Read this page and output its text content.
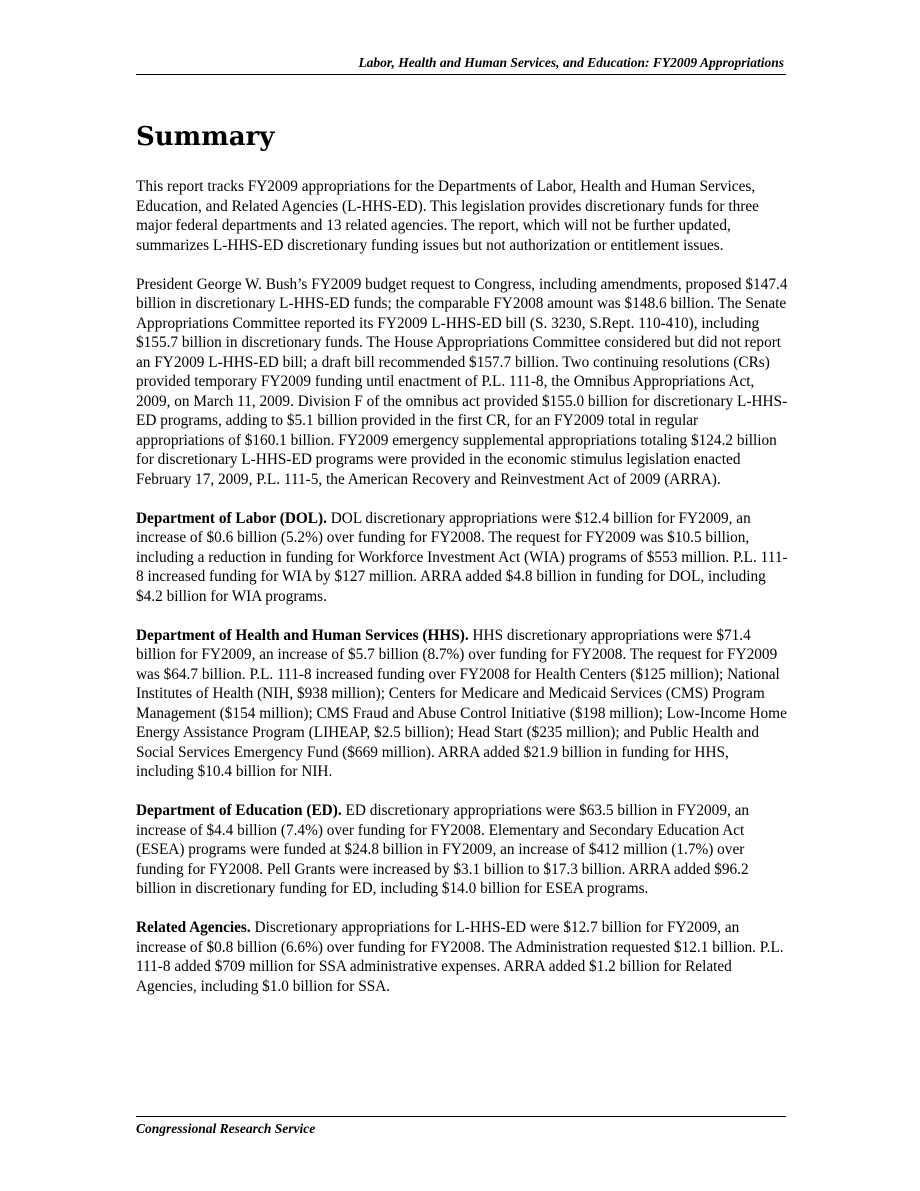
Labor, Health and Human Services, and Education: FY2009 Appropriations
Summary

This report tracks FY2009 appropriations for the Departments of Labor, Health and Human Services, Education, and Related Agencies (L-HHS-ED). This legislation provides discretionary funds for three major federal departments and 13 related agencies. The report, which will not be further updated, summarizes L-HHS-ED discretionary funding issues but not authorization or entitlement issues.

President George W. Bush’s FY2009 budget request to Congress, including amendments, proposed $147.4 billion in discretionary L-HHS-ED funds; the comparable FY2008 amount was $148.6 billion. The Senate Appropriations Committee reported its FY2009 L-HHS-ED bill (S. 3230, S.Rept. 110-410), including $155.7 billion in discretionary funds. The House Appropriations Committee considered but did not report an FY2009 L-HHS-ED bill; a draft bill recommended $157.7 billion. Two continuing resolutions (CRs) provided temporary FY2009 funding until enactment of P.L. 111-8, the Omnibus Appropriations Act, 2009, on March 11, 2009. Division F of the omnibus act provided $155.0 billion for discretionary L-HHS-ED programs, adding to $5.1 billion provided in the first CR, for an FY2009 total in regular appropriations of $160.1 billion. FY2009 emergency supplemental appropriations totaling $124.2 billion for discretionary L-HHS-ED programs were provided in the economic stimulus legislation enacted February 17, 2009, P.L. 111-5, the American Recovery and Reinvestment Act of 2009 (ARRA).

Department of Labor (DOL). DOL discretionary appropriations were $12.4 billion for FY2009, an increase of $0.6 billion (5.2%) over funding for FY2008. The request for FY2009 was $10.5 billion, including a reduction in funding for Workforce Investment Act (WIA) programs of $553 million. P.L. 111-8 increased funding for WIA by $127 million. ARRA added $4.8 billion in funding for DOL, including $4.2 billion for WIA programs.

Department of Health and Human Services (HHS). HHS discretionary appropriations were $71.4 billion for FY2009, an increase of $5.7 billion (8.7%) over funding for FY2008. The request for FY2009 was $64.7 billion. P.L. 111-8 increased funding over FY2008 for Health Centers ($125 million); National Institutes of Health (NIH, $938 million); Centers for Medicare and Medicaid Services (CMS) Program Management ($154 million); CMS Fraud and Abuse Control Initiative ($198 million); Low-Income Home Energy Assistance Program (LIHEAP, $2.5 billion); Head Start ($235 million); and Public Health and Social Services Emergency Fund ($669 million). ARRA added $21.9 billion in funding for HHS, including $10.4 billion for NIH.

Department of Education (ED). ED discretionary appropriations were $63.5 billion in FY2009, an increase of $4.4 billion (7.4%) over funding for FY2008. Elementary and Secondary Education Act (ESEA) programs were funded at $24.8 billion in FY2009, an increase of $412 million (1.7%) over funding for FY2008. Pell Grants were increased by $3.1 billion to $17.3 billion. ARRA added $96.2 billion in discretionary funding for ED, including $14.0 billion for ESEA programs.

Related Agencies. Discretionary appropriations for L-HHS-ED were $12.7 billion for FY2009, an increase of $0.8 billion (6.6%) over funding for FY2008. The Administration requested $12.1 billion. P.L. 111-8 added $709 million for SSA administrative expenses. ARRA added $1.2 billion for Related Agencies, including $1.0 billion for SSA.

Congressional Research Service
